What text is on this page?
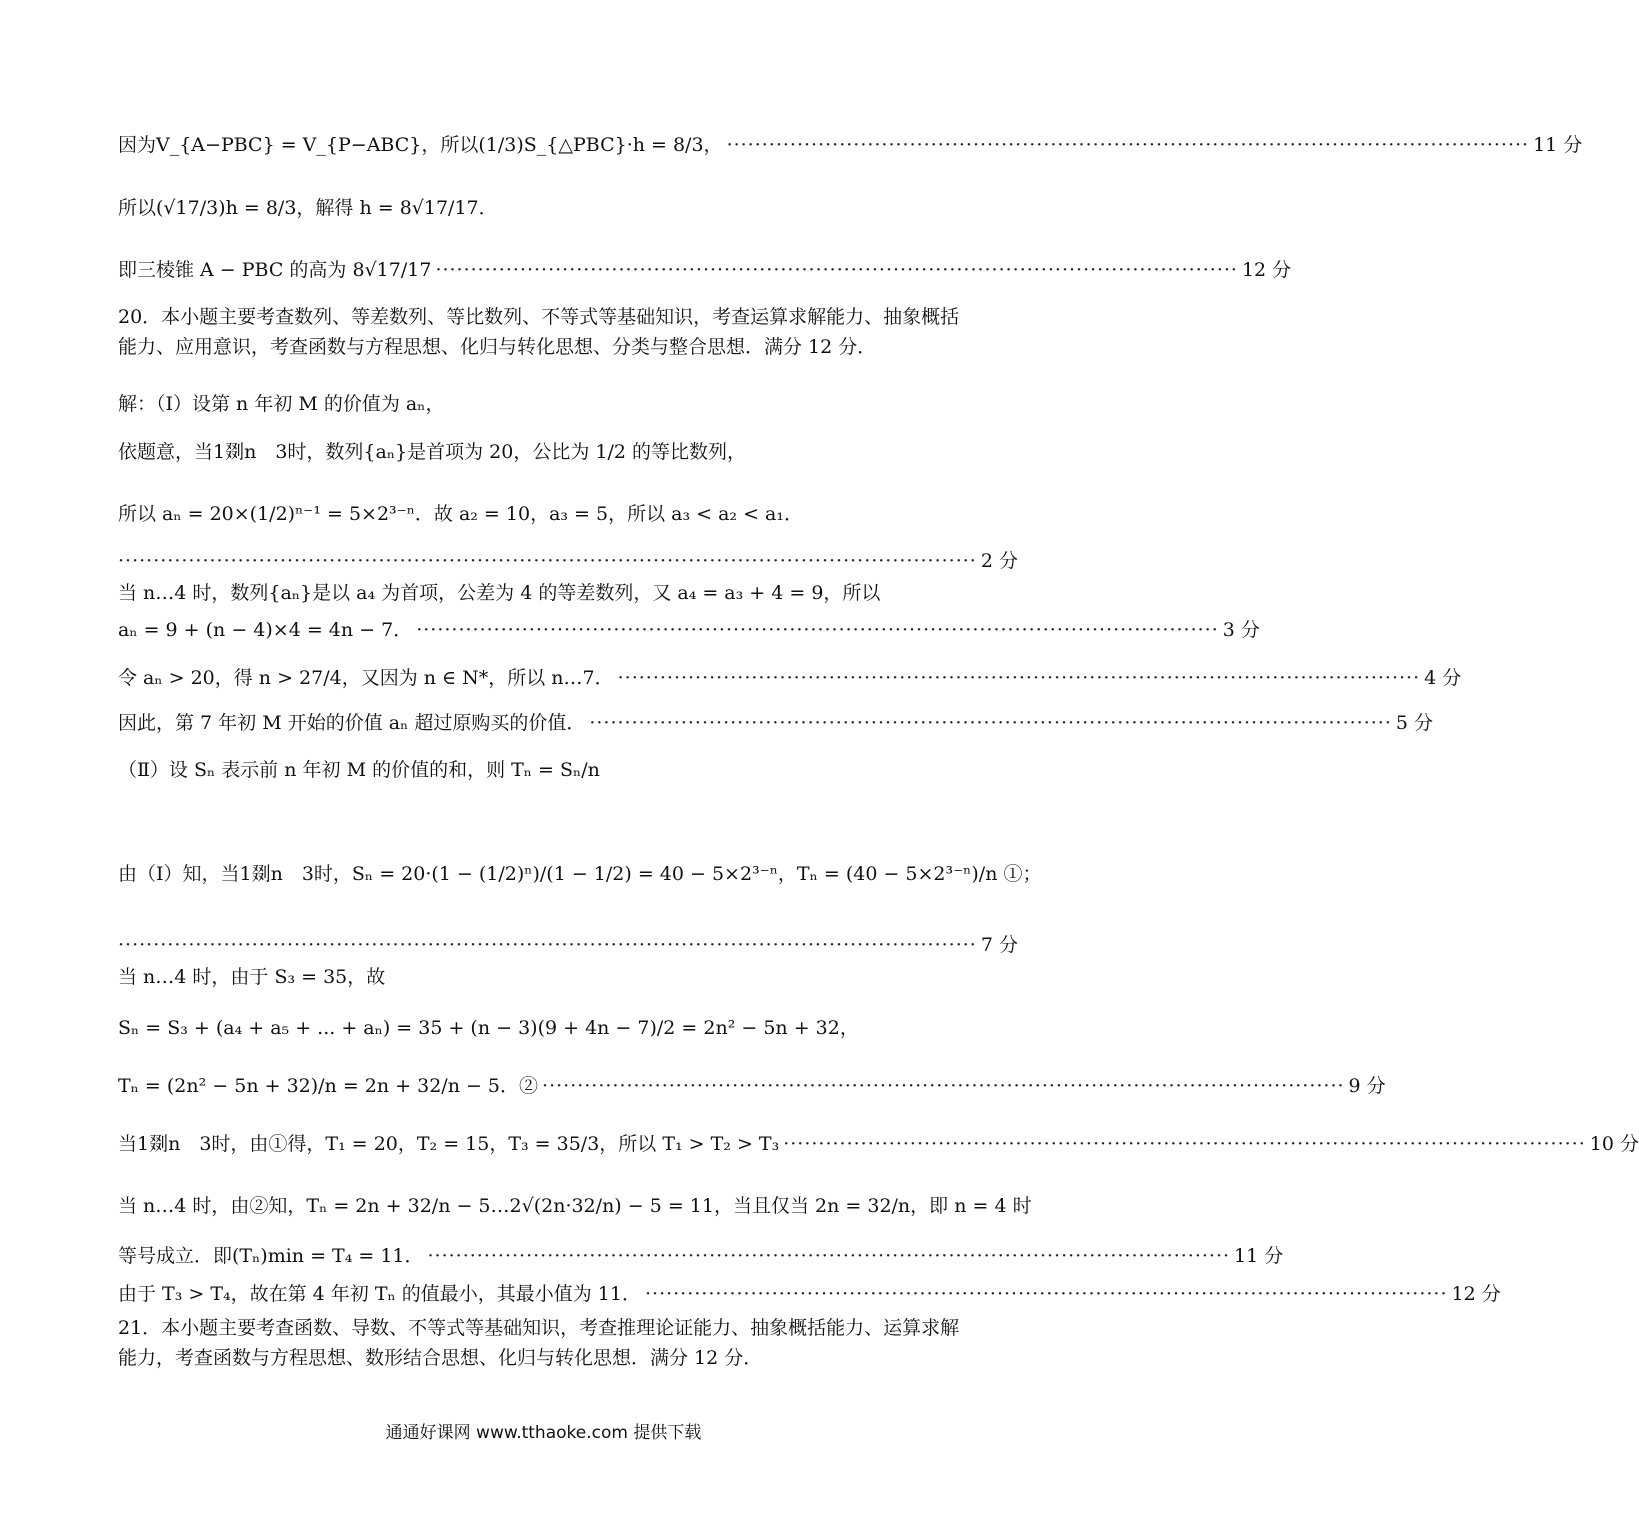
因为V_{A−PBC} = V_{P−ABC}，所以(1/3)S_{△PBC}·h = 8/3， ·················································································································· 11 分
所以(√17/3)h = 8/3，解得 h = 8√17/17．
即三棱锥 A − PBC 的高为 8√17/17 ·················································································································· 12 分
20．本小题主要考查数列、等差数列、等比数列、不等式等基础知识，考查运算求解能力、抽象概括能力、应用意识，考查函数与方程思想、化归与转化思想、分类与整合思想．满分 12 分．
解：（Ⅰ）设第 n 年初 M 的价值为 aₙ，
依题意，当1剟n　3时，数列{aₙ}是首项为 20，公比为 1/2 的等比数列，
所以 aₙ = 20×(1/2)ⁿ⁻¹ = 5×2³⁻ⁿ．故 a₂ = 10，a₃ = 5，所以 a₃ < a₂ < a₁．
·························································································································· 2 分
当 n…4 时，数列{aₙ}是以 a₄ 为首项，公差为 4 的等差数列，又 a₄ = a₃ + 4 = 9，所以
aₙ = 9 + (n − 4)×4 = 4n − 7． ·················································································································· 3 分
令 aₙ > 20，得 n > 27/4，又因为 n ∈ N*，所以 n…7． ·················································································································· 4 分
因此，第 7 年初 M 开始的价值 aₙ 超过原购买的价值． ·················································································································· 5 分
（Ⅱ）设 Sₙ 表示前 n 年初 M 的价值的和，则 Tₙ = Sₙ/n
由（Ⅰ）知，当1剟n　3时，Sₙ = 20·(1 − (1/2)ⁿ)/(1 − 1/2) = 40 − 5×2³⁻ⁿ，Tₙ = (40 − 5×2³⁻ⁿ)/n ①；
·························································································································· 7 分
当 n…4 时，由于 S₃ = 35，故
Sₙ = S₃ + (a₄ + a₅ + ... + aₙ) = 35 + (n − 3)(9 + 4n − 7)/2 = 2n² − 5n + 32，
Tₙ = (2n² − 5n + 32)/n = 2n + 32/n − 5．② ·················································································································· 9 分
当1剟n　3时，由①得，T₁ = 20，T₂ = 15，T₃ = 35/3，所以 T₁ > T₂ > T₃ ·················································································································· 10 分
当 n…4 时，由②知，Tₙ = 2n + 32/n − 5…2√(2n·32/n) − 5 = 11，当且仅当 2n = 32/n，即 n = 4 时
等号成立．即(Tₙ)min = T₄ = 11． ·················································································································· 11 分
由于 T₃ > T₄，故在第 4 年初 Tₙ 的值最小，其最小值为 11． ·················································································································· 12 分
21．本小题主要考查函数、导数、不等式等基础知识，考查推理论证能力、抽象概括能力、运算求解能力，考查函数与方程思想、数形结合思想、化归与转化思想．满分 12 分．
通通好课网 www.tthaoke.com 提供下载
